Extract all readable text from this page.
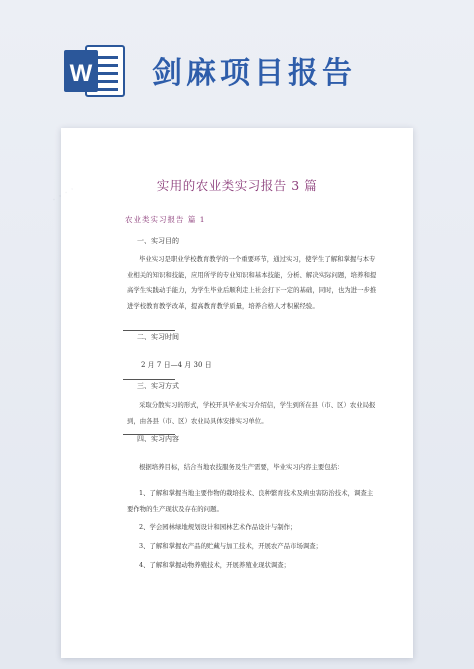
W 剑麻项目报告
· · · ·	实用的农业类实习报告 3 篇
农业类实习报告 篇 1
一、实习目的
毕业实习是职业学校教育教学的一个重要环节，通过实习，使学生了解和掌握与本专业相关的知识和技能，应用所学的专业知识和基本技能，分析、解决实际问题，培养和提高学生实践动手能力，为学生毕业后顺利走上社会打下一定的基础，同时，也为进一步推进学校教育教学改革，提高教育教学质量，培养合格人才积累经验。
二、实习时间
2 月 7 日—4 月 30 日
三、实习方式
采取分散实习的形式，学校开具毕业实习介绍信，学生到所在县（市、区）农业局报到，由各县（市、区）农业局具体安排实习单位。
四、实习内容
根据培养目标，结合当地农技服务及生产需要，毕业实习内容主要包括：
1、了解和掌握当地主要作物的栽培技术、良种繁育技术及病虫害防治技术，调查主要作物的生产现状及存在的问题。
2、学会园林绿地规划设计和园林艺术作品设计与制作；
3、了解和掌握农产品的贮藏与加工技术，开展农产品市场调查；
4、了解和掌握动物养殖技术，开展养殖业现状调查；
